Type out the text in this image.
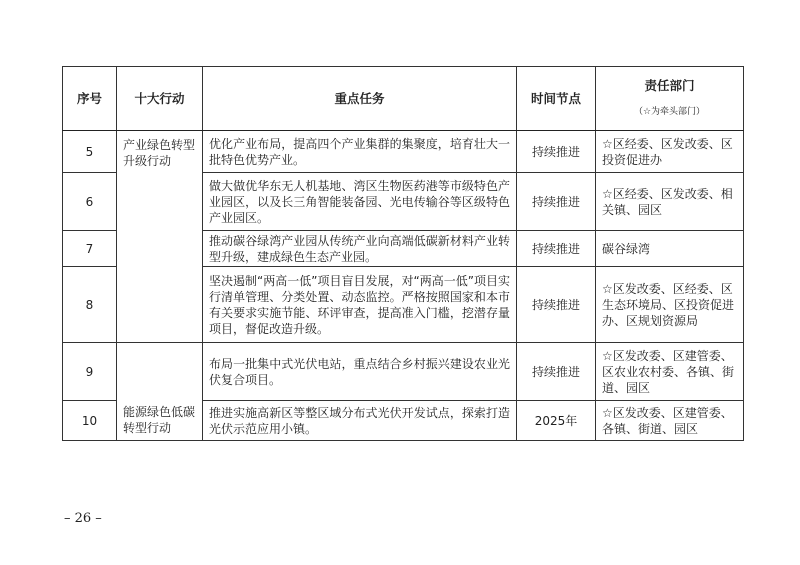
序号	十大行动	重点任务	时间节点	责任部门
（☆为牵头部门）

5	产业绿色转型升级行动	优化产业布局，提高四个产业集群的集聚度，培育壮大一批特色优势产业。	持续推进	☆区经委、区发改委、区投资促进办
6		做大做优华东无人机基地、湾区生物医药港等市级特色产业园区，以及长三角智能装备园、光电传输谷等区级特色产业园区。	持续推进	☆区经委、区发改委、相关镇、园区
7		推动碳谷绿湾产业园从传统产业向高端低碳新材料产业转型升级，建成绿色生态产业园。	持续推进	碳谷绿湾
8		坚决遏制“两高一低”项目盲目发展，对“两高一低”项目实行清单管理、分类处置、动态监控。严格按照国家和本市有关要求实施节能、环评审查，提高准入门槛，挖潜存量项目，督促改造升级。	持续推进	☆区发改委、区经委、区生态环境局、区投资促进办、区规划资源局
9	能源绿色低碳转型行动	布局一批集中式光伏电站，重点结合乡村振兴建设农业光伏复合项目。	持续推进	☆区发改委、区建管委、区农业农村委、各镇、街道、园区
10		推进实施高新区等整区域分布式光伏开发试点，探索打造光伏示范应用小镇。	2025年	☆区发改委、区建管委、各镇、街道、园区
– 26 –
